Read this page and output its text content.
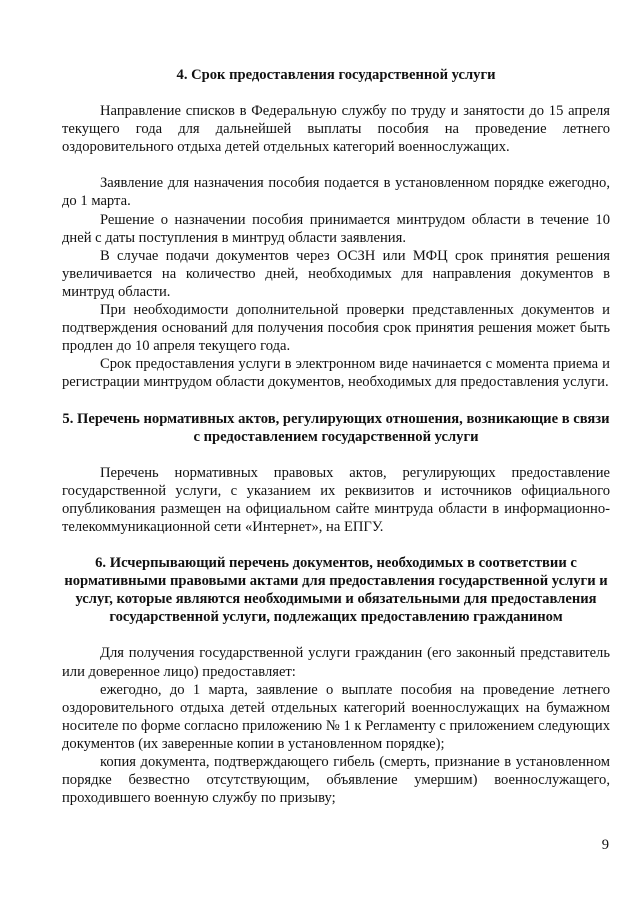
4. Срок предоставления государственной услуги

Направление списков в Федеральную службу по труду и занятости до 15 апреля текущего года для дальнейшей выплаты пособия на проведение летнего оздоровительного отдыха детей отдельных категорий военнослужащих.

Заявление для назначения пособия подается в установленном порядке ежегодно, до 1 марта.

Решение о назначении пособия принимается минтрудом области в течение 10 дней с даты поступления в минтруд области заявления.

В случае подачи документов через ОСЗН или МФЦ срок принятия решения увеличивается на количество дней, необходимых для направления документов в минтруд области.

При необходимости дополнительной проверки представленных документов и подтверждения оснований для получения пособия срок принятия решения может быть продлен до 10 апреля текущего года.

Срок предоставления услуги в электронном виде начинается с момента приема и регистрации минтрудом области документов, необходимых для предоставления услуги.

5. Перечень нормативных актов, регулирующих отношения, возникающие в связи с предоставлением государственной услуги

Перечень нормативных правовых актов, регулирующих предоставление государственной услуги, с указанием их реквизитов и источников официального опубликования размещен на официальном сайте минтруда области в информационно-телекоммуникационной сети «Интернет», на ЕПГУ.

6. Исчерпывающий перечень документов, необходимых в соответствии с нормативными правовыми актами для предоставления государственной услуги и услуг, которые являются необходимыми и обязательными для предоставления государственной услуги, подлежащих предоставлению гражданином

Для получения государственной услуги гражданин (его законный представитель или доверенное лицо) предоставляет:

ежегодно, до 1 марта, заявление о выплате пособия на проведение летнего оздоровительного отдыха детей отдельных категорий военнослужащих на бумажном носителе по форме согласно приложению № 1 к Регламенту с приложением следующих документов (их заверенные копии в установленном порядке);

копия документа, подтверждающего гибель (смерть, признание в установленном порядке безвестно отсутствующим, объявление умершим) военнослужащего, проходившего военную службу по призыву;

9
